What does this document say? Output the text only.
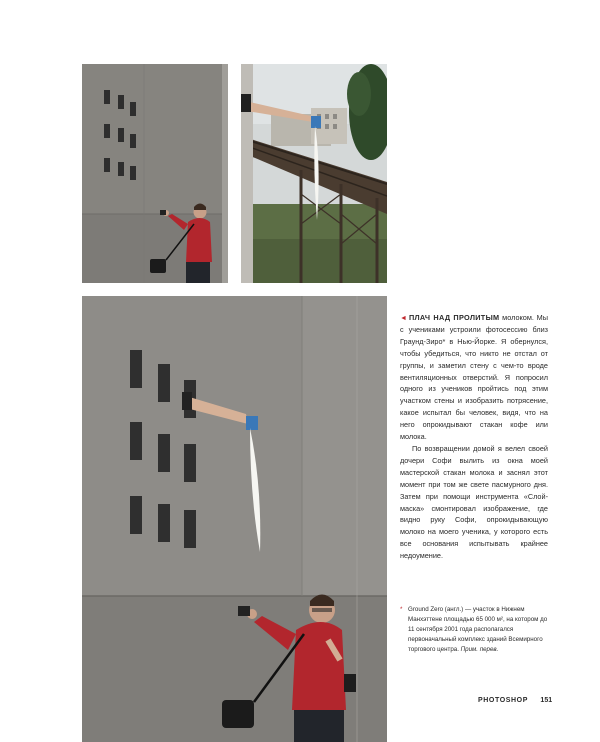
◄ ПЛАЧ НАД ПРОЛИТЫМ молоком. Мы с учениками устроили фотосессию близ Граунд-Зиро* в Нью-Йорке. Я обернулся, чтобы убедиться, что никто не отстал от группы, и заметил стену с чем-то вроде вентиляционных отверстий. Я попросил одного из учеников пройтись под этим участком стены и изобразить потрясение, какое испытал бы человек, видя, что на него опрокидывают стакан кофе или молока.

По возвращении домой я велел своей дочери Софи вылить из окна моей мастерской стакан молока и заснял этот момент при том же свете пасмурного дня. Затем при помощи инструмента «Слой-маска» смонтировал изображение, где видно руку Софи, опрокидывающую молоко на моего ученика, у которого есть все основания испытывать крайнее недоумение.

* Ground Zero (англ.) — участок в Нижнем Манхэттене площадью 65 000 м², на котором до 11 сентября 2001 года располагался первоначальный комплекс зданий Всемирного торгового центра. Прим. перев.
PHOTOSHOP 151
